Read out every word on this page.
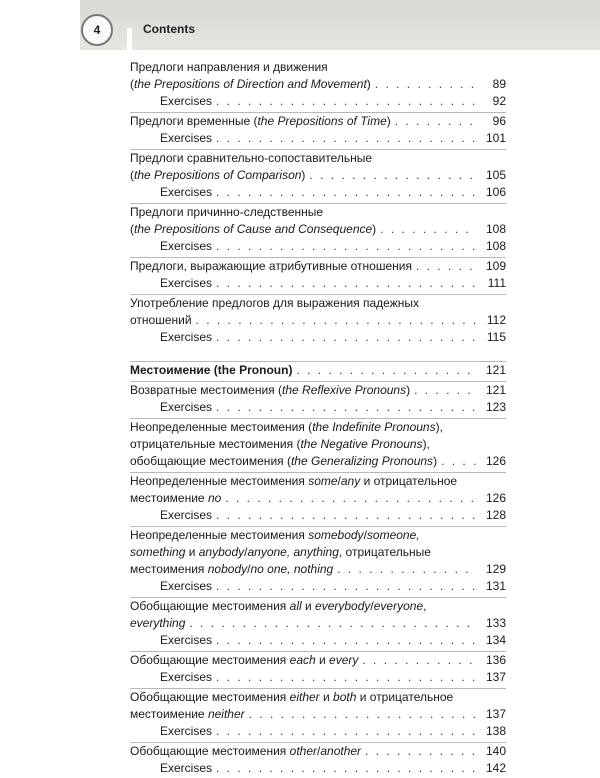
4	Contents
Предлоги направления и движения
(the Prepositions of Direction and Movement) . . .	89
Exercises . . .	92
Предлоги временные (the Prepositions of Time) . . .	96
Exercises . . .	101
Предлоги сравнительно-сопоставительные
(the Prepositions of Comparison) . . .	105
Exercises . . .	106
Предлоги причинно-следственные
(the Prepositions of Cause and Consequence) . . .	108
Exercises . . .	108
Предлоги, выражающие атрибутивные отношения . . .	109
Exercises . . .	111
Употребление предлогов для выражения падежных
отношений . . .	112
Exercises . . .	115
Местоимение (the Pronoun) . . .	121
Возвратные местоимения (the Reflexive Pronouns) . . .	121
Exercises . . .	123
Неопределенные местоимения (the Indefinite Pronouns),
отрицательные местоимения (the Negative Pronouns),
обобщающие местоимения (the Generalizing Pronouns) . . .	126
Неопределенные местоимения some/any и отрицательное
местоимение no . . .	126
Exercises . . .	128
Неопределенные местоимения somebody/someone,
something и anybody/anyone, anything, отрицательные
местоимения nobody/no one, nothing . . .	129
Exercises . . .	131
Обобщающие местоимения all и everybody/everyone,
everything . . .	133
Exercises . . .	134
Обобщающие местоимения each и every . . .	136
Exercises . . .	137
Обобщающие местоимения either и both и отрицательное
местоимение neither . . .	137
Exercises . . .	138
Обобщающие местоимения other/another . . .	140
Exercises . . .	142
